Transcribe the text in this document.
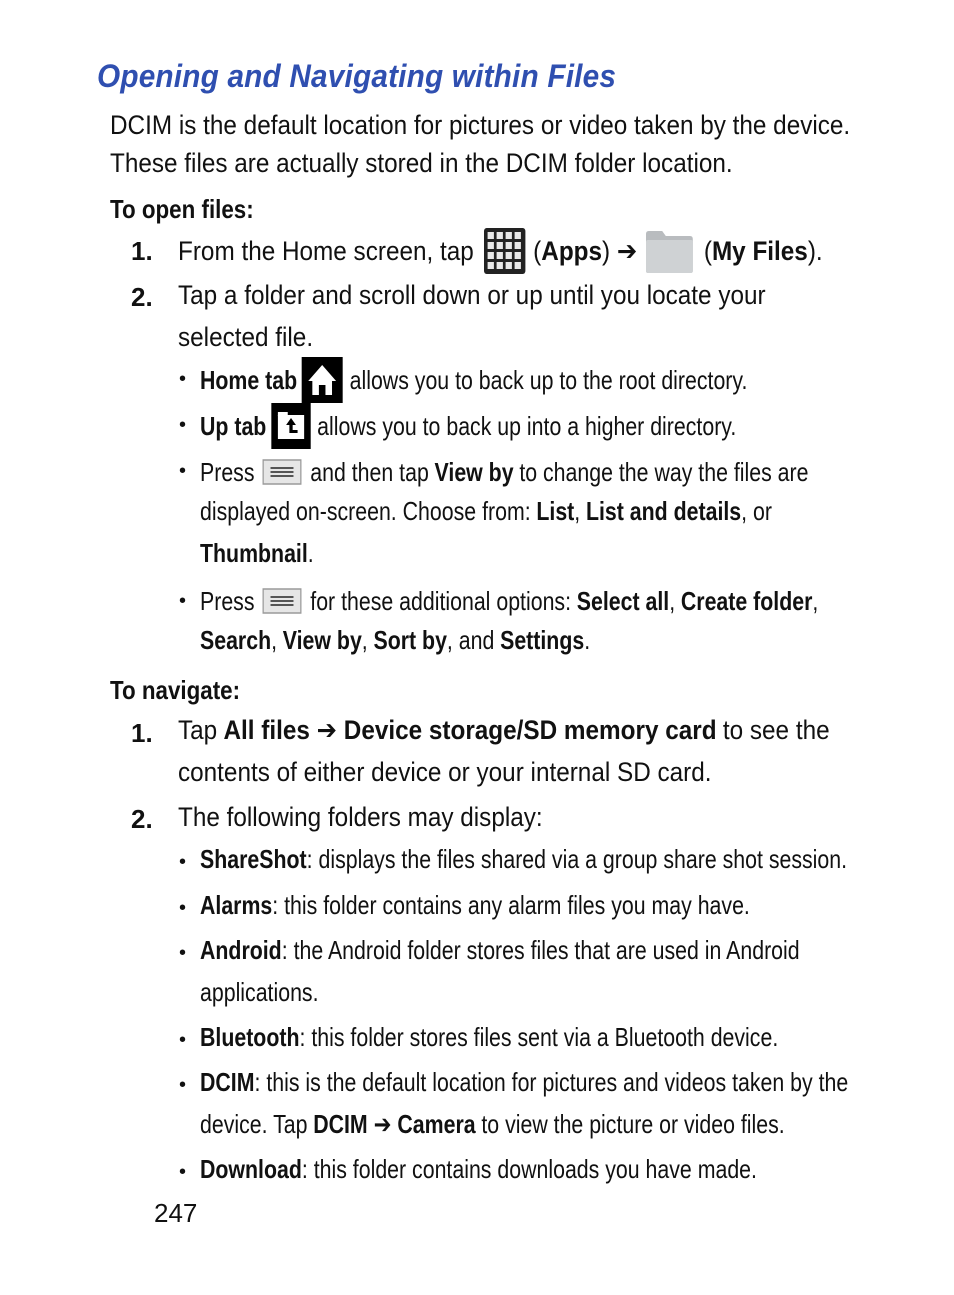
Opening and Navigating within Files
DCIM is the default location for pictures or video taken by the device.
These files are actually stored in the DCIM folder location.
To open files:
1. From the Home screen, tap ( Apps ) ➔ ( My Files ).
2. Tap a folder and scroll down or up until you locate your
selected file.
• Home tab allows you to back up to the root directory.
• Up tab allows you to back up into a higher directory.
• Press and then tap View by to change the way the files are
displayed on-screen. Choose from: List , List and details , or
Thumbnail .
• Press for these additional options: Select all , Create folder ,
Search , View by , Sort by , and Settings .
To navigate:
1. Tap All files ➔ Device storage/SD memory card to see the
contents of either device or your internal SD card.
2. The following folders may display:
• ShareShot : displays the files shared via a group share shot session.
• Alarms : this folder contains any alarm files you may have.
• Android : the Android folder stores files that are used in Android
applications.
• Bluetooth : this folder stores files sent via a Bluetooth device.
• DCIM : this is the default location for pictures and videos taken by the
device. Tap DCIM ➔ Camera to view the picture or video files.
• Download : this folder contains downloads you have made.
247
